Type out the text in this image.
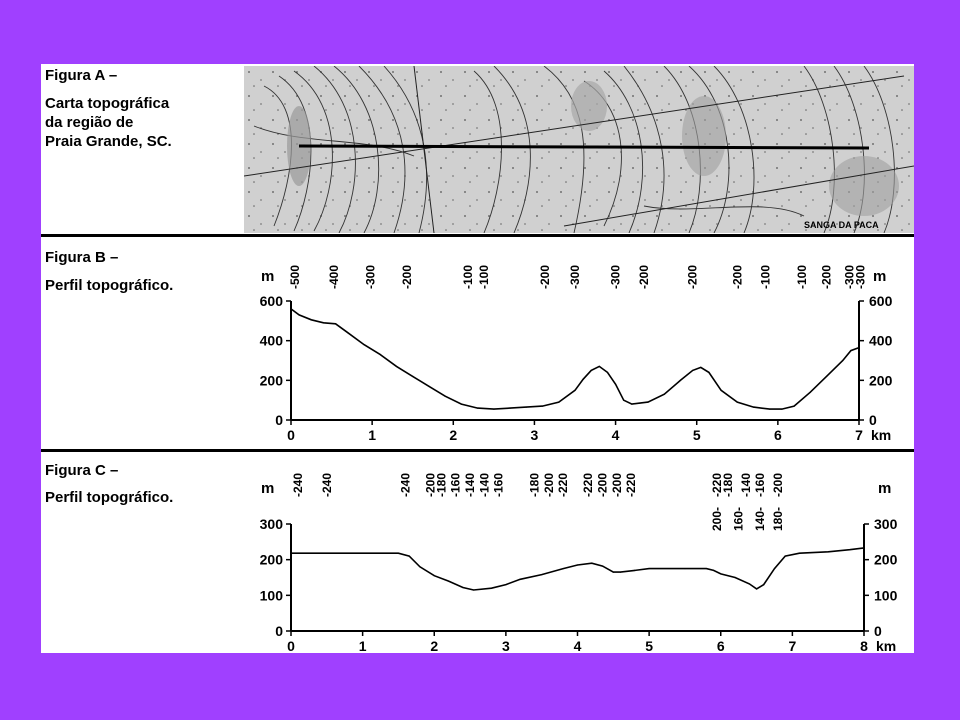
Figura A –
Carta topográfica
da região de
Praia Grande, SC.
SANGA DA PACA
Figura B –
Perfil topográfico.
Figura C –
Perfil topográfico.
0	0
200	200
400	400
600	600
0	1	2	3	4	5	6	7
m	m
km
-500 -400 -300 -200	-100 -100	-200 -300 -300 -200	-200	-200 -100 -100 -200 -300
-300
0	0
100	100
200	200
300	300
0	1	2	3	4	5	6	7	8
m	m
km
-240 -240	-240 -200
-180 -160 -140 -140 -160 -180 -200 -220 -220 -200 -200 -220	-220
-180 -140 -160 -200
200- 160- 140- 180-
